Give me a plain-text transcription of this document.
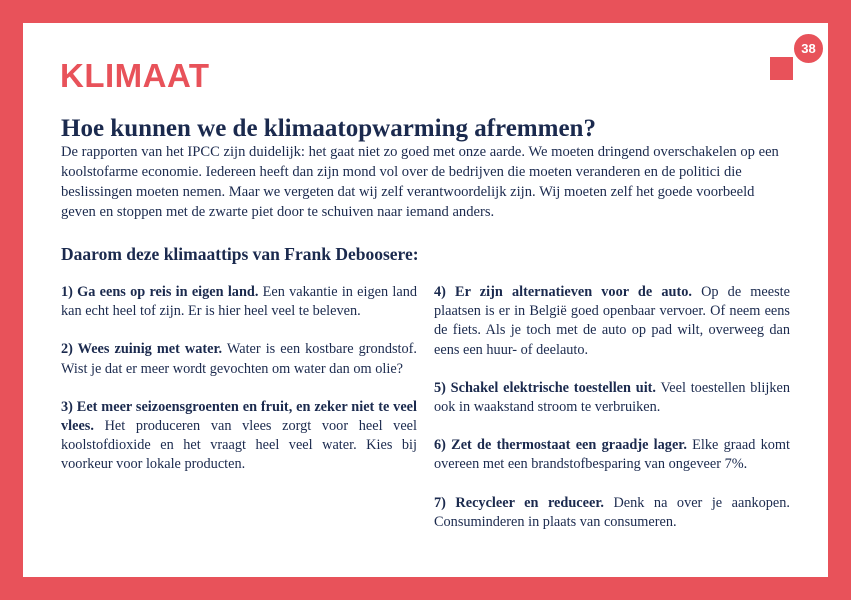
38
KLIMAAT
Hoe kunnen we de klimaatopwarming afremmen?

De rapporten van het IPCC zijn duidelijk: het gaat niet zo goed met onze aarde. We moeten dringend overschakelen op een koolstofarme economie. Iedereen heeft dan zijn mond vol over de bedrijven die moeten veranderen en de politici die beslissingen moeten nemen. Maar we vergeten dat wij zelf verantwoordelijk zijn. Wij moeten zelf het goede voorbeeld geven en stoppen met de zwarte piet door te schuiven naar iemand anders.

Daarom deze klimaattips van Frank Deboosere:

1) Ga eens op reis in eigen land. Een vakantie in eigen land kan echt heel tof zijn. Er is hier heel veel te beleven.

2) Wees zuinig met water. Water is een kostbare grondstof. Wist je dat er meer wordt gevochten om water dan om olie?

3) Eet meer seizoensgroenten en fruit, en zeker niet te veel vlees. Het produceren van vlees zorgt voor heel veel koolstofdioxide en het vraagt heel veel water. Kies bij voorkeur voor lokale producten.

4) Er zijn alternatieven voor de auto. Op de meeste plaatsen is er in België goed openbaar vervoer. Of neem eens de fiets. Als je toch met de auto op pad wilt, overweeg dan eens een huur- of deelauto.

5) Schakel elektrische toestellen uit. Veel toestellen blijken ook in waakstand stroom te verbruiken.

6) Zet de thermostaat een graadje lager. Elke graad komt overeen met een brandstofbesparing van ongeveer 7%.

7) Recycleer en reduceer. Denk na over je aankopen. Consuminderen in plaats van consumeren.
